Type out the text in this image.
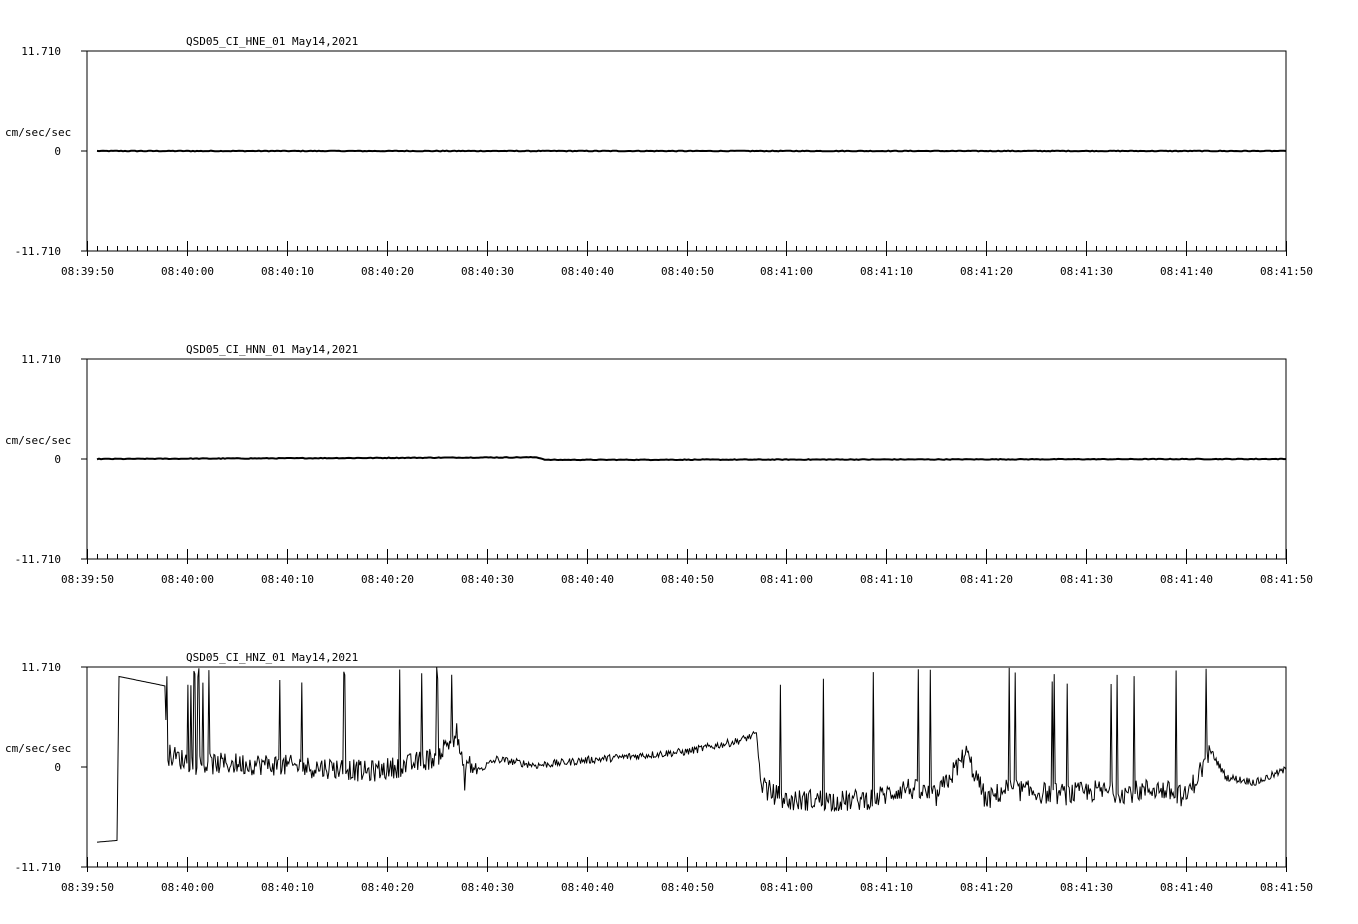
QSD05_CI_HNE_01 May14,2021
cm/sec/sec
11.710
0
-11.710
08:39:50	08:40:00	08:40:10	08:40:20	08:40:30	08:40:40	08:40:50	08:41:00	08:41:10	08:41:20	08:41:30	08:41:40	08:41:50
QSD05_CI_HNN_01 May14,2021
cm/sec/sec
11.710
0
-11.710
08:39:50	08:40:00	08:40:10	08:40:20	08:40:30	08:40:40	08:40:50	08:41:00	08:41:10	08:41:20	08:41:30	08:41:40	08:41:50
QSD05_CI_HNZ_01 May14,2021
cm/sec/sec
11.710
0
-11.710
08:39:50	08:40:00	08:40:10	08:40:20	08:40:30	08:40:40	08:40:50	08:41:00	08:41:10	08:41:20	08:41:30	08:41:40	08:41:50
